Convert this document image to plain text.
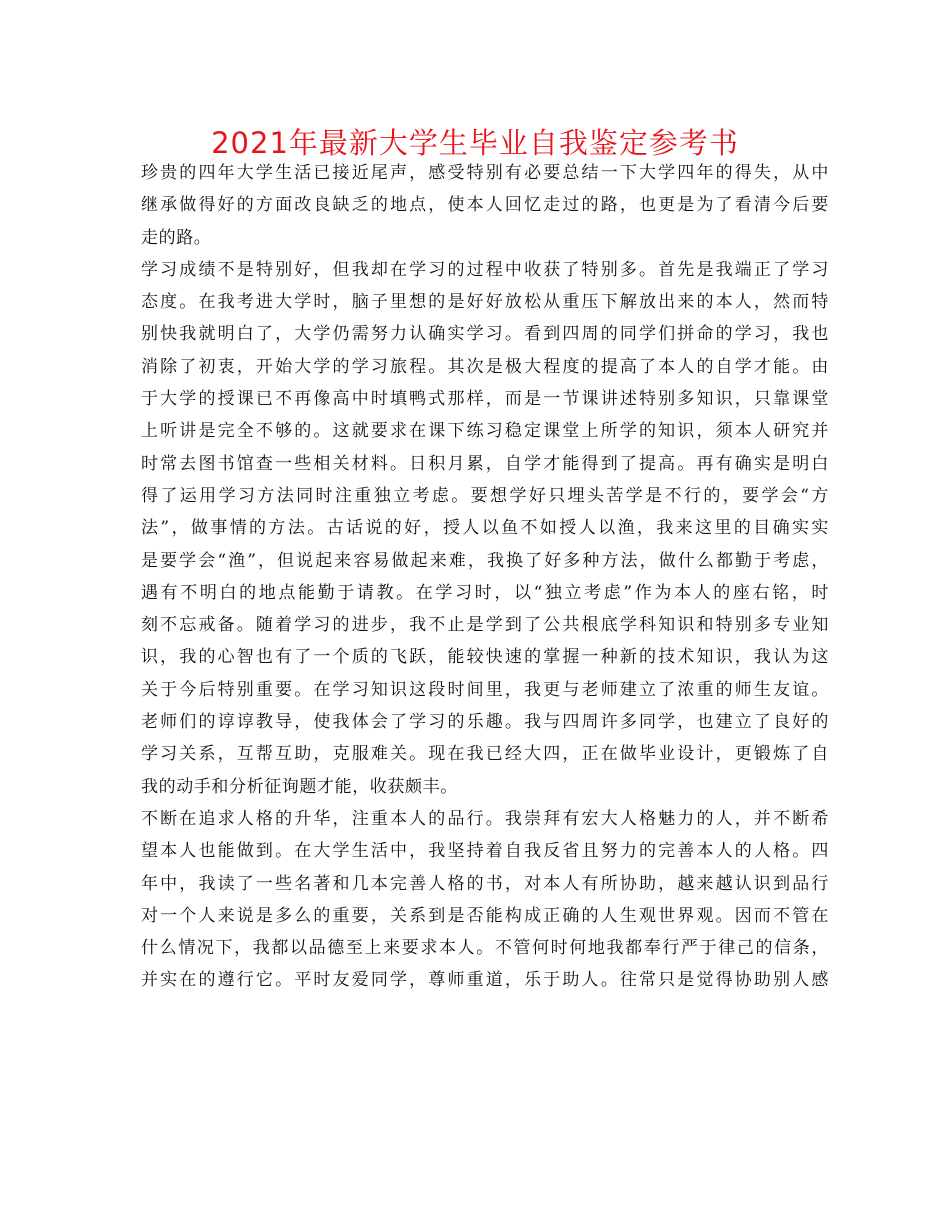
2021年最新大学生毕业自我鉴定参考书
珍贵的四年大学生活已接近尾声，感受特别有必要总结一下大学四年的得失，从中
继承做得好的方面改良缺乏的地点，使本人回忆走过的路，也更是为了看清今后要
走的路。
学习成绩不是特别好，但我却在学习的过程中收获了特别多。首先是我端正了学习
态度。在我考进大学时，脑子里想的是好好放松从重压下解放出来的本人，然而特
别快我就明白了，大学仍需努力认确实学习。看到四周的同学们拼命的学习，我也
消除了初衷，开始大学的学习旅程。其次是极大程度的提高了本人的自学才能。由
于大学的授课已不再像高中时填鸭式那样，而是一节课讲述特别多知识，只靠课堂
上听讲是完全不够的。这就要求在课下练习稳定课堂上所学的知识，须本人研究并
时常去图书馆查一些相关材料。日积月累，自学才能得到了提高。再有确实是明白
得了运用学习方法同时注重独立考虑。要想学好只埋头苦学是不行的，要学会“方
法”，做事情的方法。古话说的好，授人以鱼不如授人以渔，我来这里的目确实实
是要学会“渔”，但说起来容易做起来难，我换了好多种方法，做什么都勤于考虑，
遇有不明白的地点能勤于请教。在学习时，以“独立考虑”作为本人的座右铭，时
刻不忘戒备。随着学习的进步，我不止是学到了公共根底学科知识和特别多专业知
识，我的心智也有了一个质的飞跃，能较快速的掌握一种新的技术知识，我认为这
关于今后特别重要。在学习知识这段时间里，我更与老师建立了浓重的师生友谊。
老师们的谆谆教导，使我体会了学习的乐趣。我与四周许多同学，也建立了良好的
学习关系，互帮互助，克服难关。现在我已经大四，正在做毕业设计，更锻炼了自
我的动手和分析征询题才能，收获颇丰。
不断在追求人格的升华，注重本人的品行。我崇拜有宏大人格魅力的人，并不断希
望本人也能做到。在大学生活中，我坚持着自我反省且努力的完善本人的人格。四
年中，我读了一些名著和几本完善人格的书，对本人有所协助，越来越认识到品行
对一个人来说是多么的重要，关系到是否能构成正确的人生观世界观。因而不管在
什么情况下，我都以品德至上来要求本人。不管何时何地我都奉行严于律己的信条，
并实在的遵行它。平时友爱同学，尊师重道，乐于助人。往常只是觉得协助别人感
